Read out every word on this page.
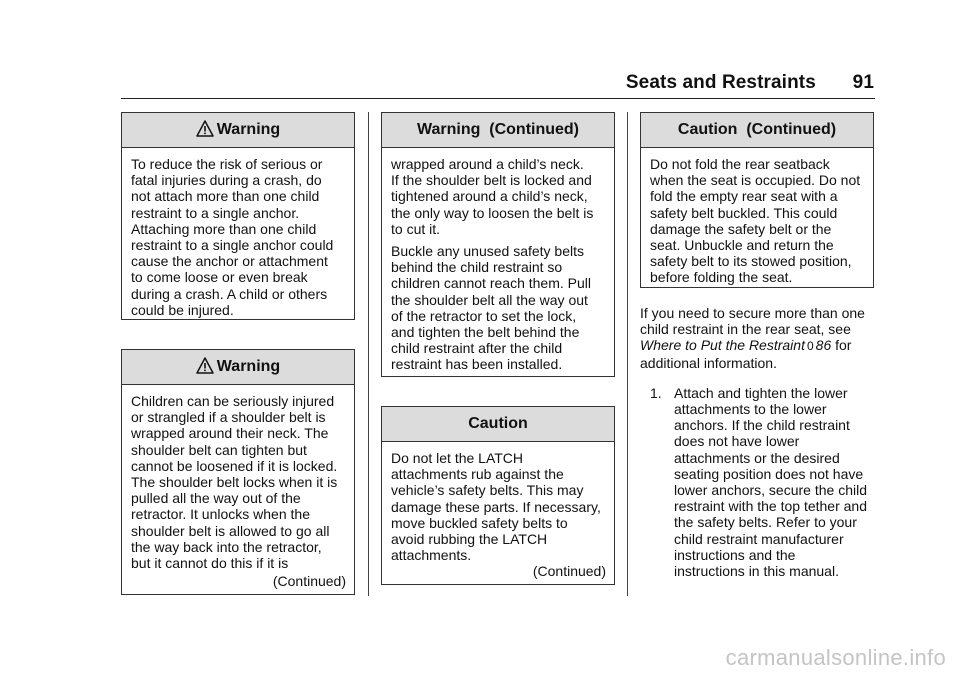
Seats and Restraints 91
Warning
To reduce the risk of serious or
fatal injuries during a crash, do
not attach more than one child
restraint to a single anchor.
Attaching more than one child
restraint to a single anchor could
cause the anchor or attachment
to come loose or even break
during a crash. A child or others
could be injured.
Warning
Children can be seriously injured
or strangled if a shoulder belt is
wrapped around their neck. The
shoulder belt can tighten but
cannot be loosened if it is locked.
The shoulder belt locks when it is
pulled all the way out of the
retractor. It unlocks when the
shoulder belt is allowed to go all
the way back into the retractor,
but it cannot do this if it is
(Continued)
Warning  (Continued)

wrapped around a child’s neck.
If the shoulder belt is locked and
tightened around a child’s neck,
the only way to loosen the belt is
to cut it.

Buckle any unused safety belts
behind the child restraint so
children cannot reach them. Pull
the shoulder belt all the way out
of the retractor to set the lock,
and tighten the belt behind the
child restraint after the child
restraint has been installed.

Caution
Do not let the LATCH
attachments rub against the
vehicle’s safety belts. This may
damage these parts. If necessary,
move buckled safety belts to
avoid rubbing the LATCH
attachments.
(Continued)
Caution  (Continued)
Do not fold the rear seatback
when the seat is occupied. Do not
fold the empty rear seat with a
safety belt buckled. This could
damage the safety belt or the
seat. Unbuckle and return the
safety belt to its stowed position,
before folding the seat.

If you need to secure more than one
child restraint in the rear seat, see
Where to Put the Restraint 0 86 for
additional information.

1. Attach and tighten the lower
attachments to the lower
anchors. If the child restraint
does not have lower
attachments or the desired
seating position does not have
lower anchors, secure the child
restraint with the top tether and
the safety belts. Refer to your
child restraint manufacturer
instructions and the
instructions in this manual.
carmanualsonline.info
